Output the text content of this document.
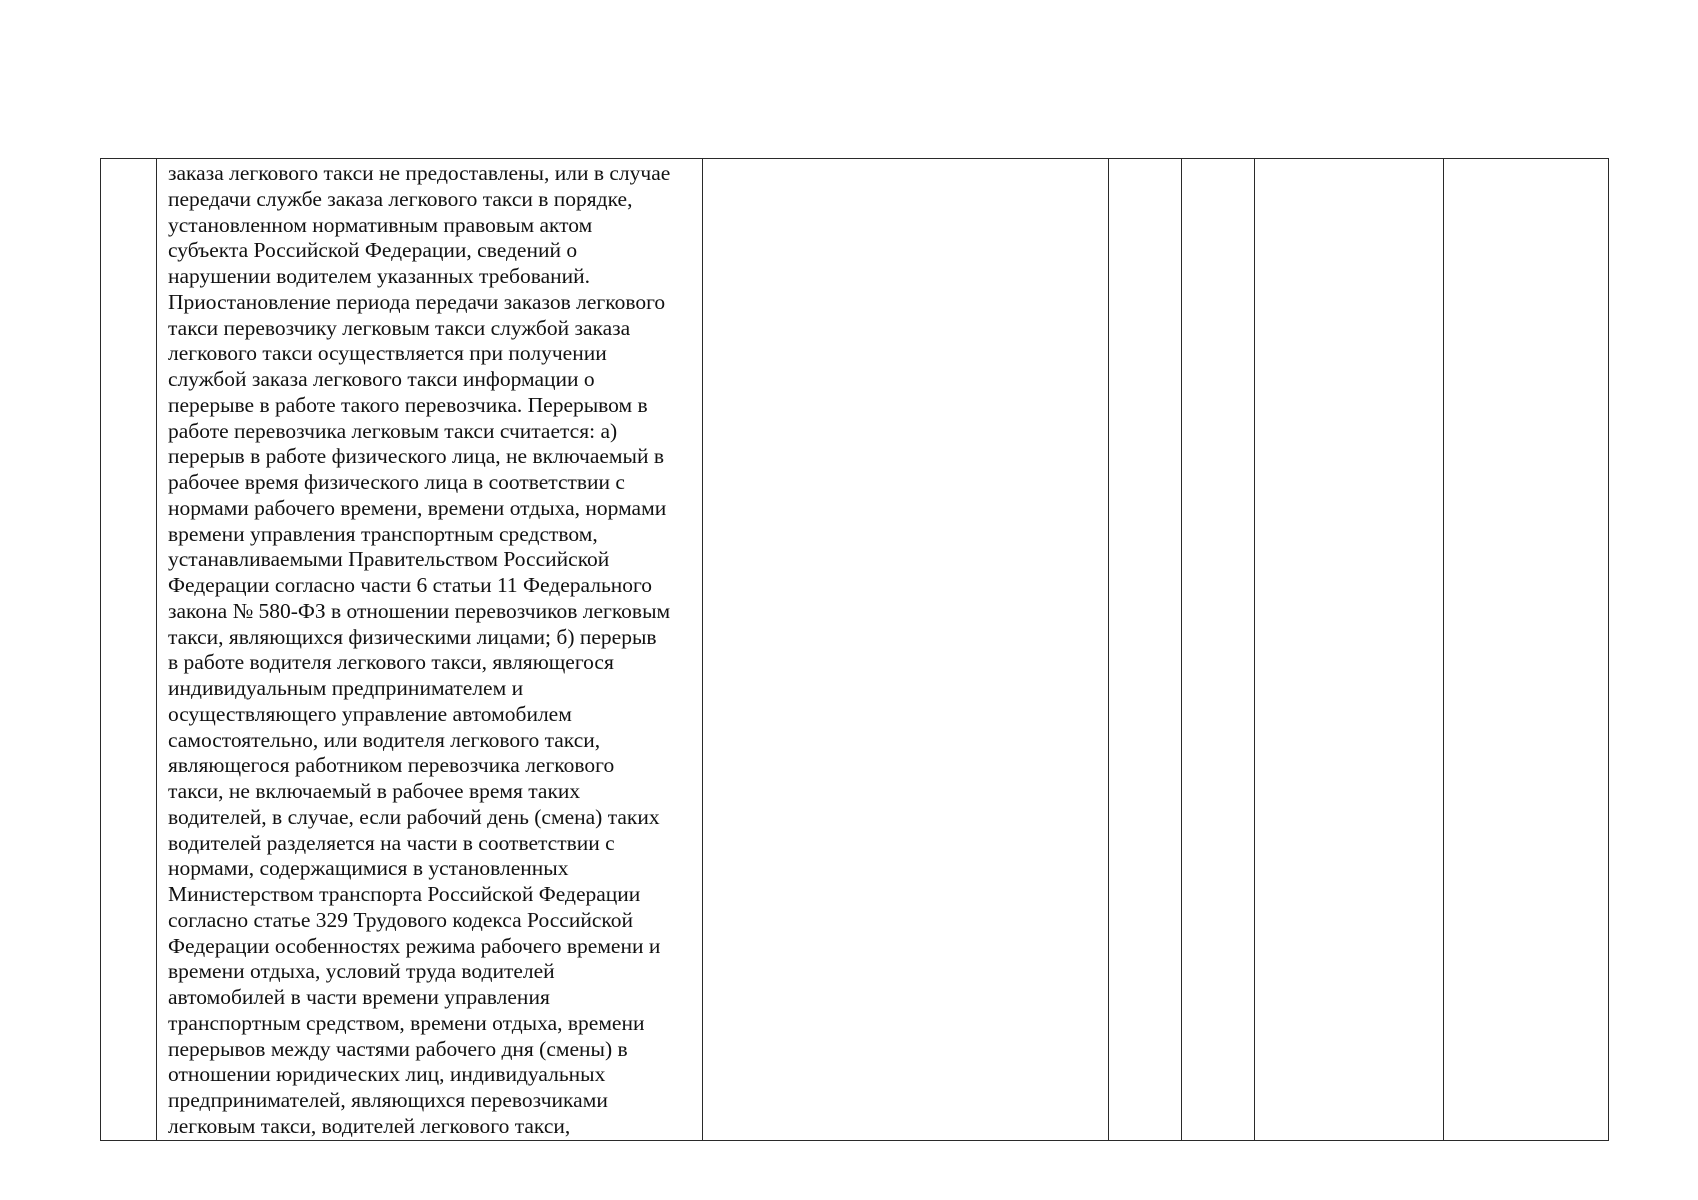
заказа легкового такси не предоставлены, или в случае
передачи службе заказа легкового такси в порядке,
установленном нормативным правовым актом
субъекта Российской Федерации, сведений о
нарушении водителем указанных требований.
Приостановление периода передачи заказов легкового
такси перевозчику легковым такси службой заказа
легкового такси осуществляется при получении
службой заказа легкового такси информации о
перерыве в работе такого перевозчика. Перерывом в
работе перевозчика легковым такси считается: а)
перерыв в работе физического лица, не включаемый в
рабочее время физического лица в соответствии с
нормами рабочего времени, времени отдыха, нормами
времени управления транспортным средством,
устанавливаемыми Правительством Российской
Федерации согласно части 6 статьи 11 Федерального
закона № 580-ФЗ в отношении перевозчиков легковым
такси, являющихся физическими лицами; б) перерыв
в работе водителя легкового такси, являющегося
индивидуальным предпринимателем и
осуществляющего управление автомобилем
самостоятельно, или водителя легкового такси,
являющегося работником перевозчика легкового
такси, не включаемый в рабочее время таких
водителей, в случае, если рабочий день (смена) таких
водителей разделяется на части в соответствии с
нормами, содержащимися в установленных
Министерством транспорта Российской Федерации
согласно статье 329 Трудового кодекса Российской
Федерации особенностях режима рабочего времени и
времени отдыха, условий труда водителей
автомобилей в части времени управления
транспортным средством, времени отдыха, времени
перерывов между частями рабочего дня (смены) в
отношении юридических лиц, индивидуальных
предпринимателей, являющихся перевозчиками
легковым такси, водителей легкового такси,
